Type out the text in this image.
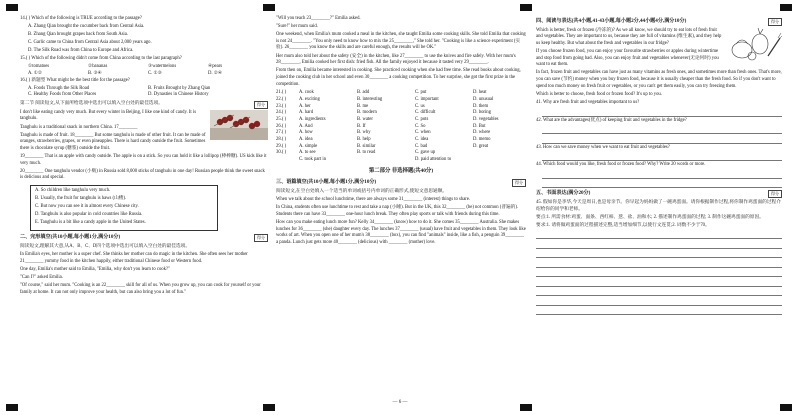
14.( ) Which of the following is TRUE according to the passage?

A. Zhang Qian brought the cucumber back from Central Asia.

B. Zhang Qian brought grapes back from South Asia.

C. Garlic came to China from Central Asia about 2,000 years ago.

D. The Silk Road was from China to Europe and Africa.

15.( ) Which of the following didn't come from China according to the last paragraph?

①tomatoes	②bananas	③watermelons	④pears
A. ①②	B. ③④	C. ①③	D. ②④

16.( ) 新题型 What might be the best title for the passage?

A. Foods Through the Silk Road	B. Fruits Brought by Zhang Qian
C. Healthy Foods from Other Places	D. Dynasties in Chinese History
第二节 阅读短文,从下面所给选项中选出可以填入空白处的最佳选项。	得分

I don't like eating candy very much. But every winter in Beijing, I like one kind of candy. It is tanghulu.

Tanghulu is a traditional snack in northern China. 17________

Tanghulu is made of fruit. 18________ But some tanghulu is made of other fruit. It can be made of oranges, strawberries, grapes, or even pineapples. There is hard candy outside the fruit. Sometimes there is chocolate syrup (糖浆) outside the fruit.

19________ That is an apple with candy outside. The apple is on a stick. So you can hold it like a lollipop (棒棒糖). US kids like it very much.

20________ One tanghulu vendor (小贩) in Russia sold 8,000 sticks of tanghulu in one day! Russian people think the sweet snack is delicious and special.

A. So children like tanghulu very much.

B. Usually, the fruit for tanghulu is haws (山楂).

C. But now you can see it in almost every Chinese city.

D. Tanghulu is also popular in cold countries like Russia.

E. Tanghulu is a bit like a candy apple in the United States.

二、完形填空(共10小题,每小题1分,满分10分)	得分

阅读短文,理解其大意,从A、B、C、D四个选项中选出可以填入空白处的最佳选项。

In Emilia's eyes, her mother is a super chef. She thinks her mother can do magic in the kitchen. She often sees her mother 21________ yummy food in the kitchen happily, either traditional Chinese food or Western food.

One day, Emilia's mother said to Emilia, "Emilia, why don't you learn to cook?"

"Can I?" asked Emilia.

"Of course," said her mum. "Cooking is an 22________ skill for all of us. When you grow up, you can cook for yourself or your family at home. It can not only improve your health, but can also bring you a lot of fun."

"Will you teach 23________?" Emilia asked.

"Sure!" her mum said.

One weekend, when Emilia's mum cooked a meal in the kitchen, she taught Emilia some cooking skills. She told Emilia that cooking is not 24________. "You only need to know how to mix the 25________," She told her. "Cooking is like a science experiment (实验). 26________ you know the skills and are careful enough, the results will be OK."

Her mum also told her about the safety (安全) in the kitchen, like 27________ to use the knives and fire safely. With her mum's 28________, Emilia cooked her first dish: fried fish. All the family enjoyed it because it tasted very 29________.

From then on, Emilia became interested in cooking. She practiced cooking when she had free time. She read books about cooking, joined the cooking club in her school and even 30________ a cooking competition. To her surprise, she got the first prize in the competition.

21.( )	A. cook	B. add	C. put	D. heat
22.( )	A. exciting	B. interesting	C. important	D. unusual
23.( )	A. her	B. me	C. us	D. them
24.( )	A. hard	B. modern	C. difficult	D. boring
25.( )	A. ingredients	B. water	C. pots	D. vegetables
26.( )	A. And	B. If	C. So	D. But
27.( )	A. how	B. why	C. when	D. where
28.( )	A. idea	B. help	C. idea	D. memo
29.( )	A. simple	B. similar	C. bad	D. great
30.( )	A. to see	B. to read	C. gave up
C. took part in	D. paid attention to
第二部分 非选择题(共40分)
三、语篇填空(共10小题,每小题1分,满分10分)	得分

阅读短文,在空白处填入一个适当的单词或括号内单词的正确形式,使短文意思通顺。

When we talk about the school lunchtime, there are always some 31________ (interest) things to share.

In China, students often use lunchtime to rest and take a nap (小睡). But in the UK, this 32________ (be) not common (普遍的). Students there can have 33________ one-hour lunch break. They often play sports or talk with friends during this time.

How can you make eating lunch more fun? Kelly 34________ (know) how to do it. She comes 35________ Australia. She makes lunches for 36________ (she) daughter every day. The lunches 37________ (usual) have fruit and vegetables in them. They look like works of art. When you open one of her mum's 38________ (box), you can find "animals" inside, like a fish, a penguin 39________ a panda. Lunch just gets more 40________ (delicious) with ________ (mother) love.

四、阅读与表达(共4小题,41-43小题,每小题2分,44小题4分,满分10分)	得分

Which is better, fresh or frozen (冷冻的)? As we all know, we should try to eat lots of fresh fruit and vegetables. They are important to us, because they are full of vitamins (维生素), and they help us keep healthy. But what about the fresh and vegetables in our fridge?

If you choose frozen food, you can enjoy your favourite strawberries or apples during wintertime and stop food from going bad. Also, you can enjoy fruit and vegetables whenever(无论何时) you want to eat them.

In fact, frozen fruit and vegetables can have just as many vitamins as fresh ones, and sometimes more than fresh ones. That's more, you can save (节约) money when you buy frozen food, because it is usually cheaper than the fresh food. So if you don't want to spend too much money on fresh fruit or vegetables, or you can't get them easily, you can try freezing them.

Which is better to choose, fresh food or frozen food? It's up to you.

41. Why are fresh fruit and vegetables important to us?

42. What are the advantages(优点) of keeping fruit and vegetables in the fridge?

43. How can we save money when we want to eat fruit and vegetables?

44. Which food would you like, fresh food or frozen food? Why? Write 20 words or more.

五、书面表达(满分20分)	得分

45. 假如你是李华,今天是周日,也是母亲节。你早起为妈妈做了一碗鸡蛋面。请你根据制作过程,将你制作鸡蛋面的过程介绍给你的同学和老师。

要点:1. 所需食材:鸡蛋、面条、西红柿、葱、盐、油和水; 2. 描述制作鸡蛋面的过程; 3. 制作这碗鸡蛋面的原因。

要求:1. 请将做鸡蛋面的过程描述完整,适当增加细节,以使行文连贯;2. 词数不少于70。

— 6 —
